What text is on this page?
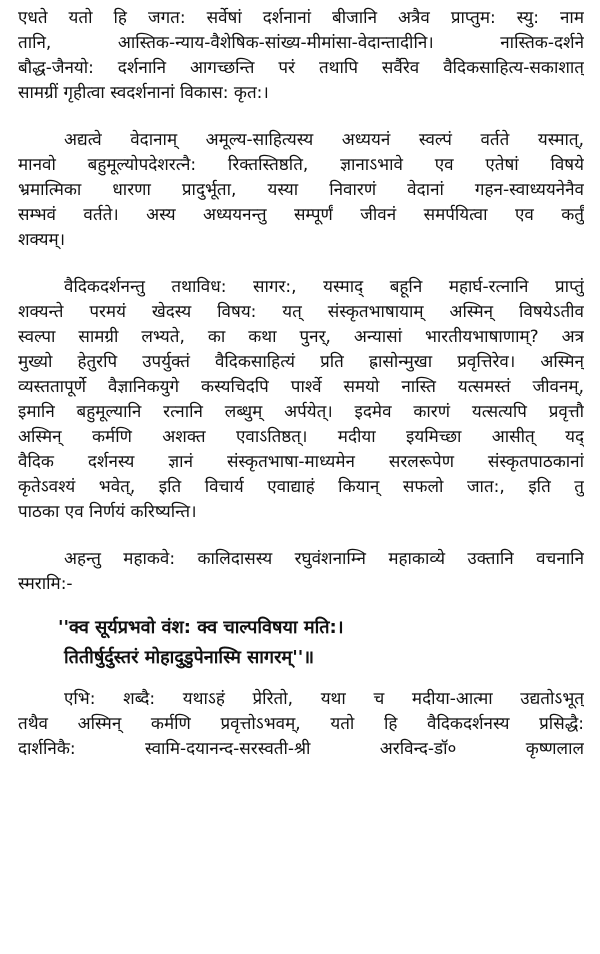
एधते यतो हि जगत: सर्वेषां दर्शनानां बीजानि अत्रैव प्राप्तुम: स्यु: नाम
तानि, आस्तिक-न्याय-वैशेषिक-सांख्य-मीमांसा-वेदान्तादीनि। नास्तिक-दर्शने
बौद्ध-जैनयो: दर्शनानि आगच्छन्ति परं तथापि सर्वैरेव वैदिकसाहित्य-सकाशात्
सामग्रीं गृहीत्वा स्वदर्शनानां विकास: कृत:।
अद्यत्वे वेदानाम् अमूल्य-साहित्यस्य अध्ययनं स्वल्पं वर्तते यस्मात्,
मानवो बहुमूल्योपदेशरत्नै: रिक्तस्तिष्ठति, ज्ञानाऽभावे एव एतेषां विषये
भ्रमात्मिका धारणा प्रादुर्भूता, यस्या निवारणं वेदानां गहन-स्वाध्ययनेनैव
सम्भवं वर्तते। अस्य अध्ययनन्तु सम्पूर्णं जीवनं समर्पयित्वा एव कर्तुं
शक्यम्।
वैदिकदर्शनन्तु तथाविध: सागर:, यस्माद् बहूनि महार्घ-रत्नानि प्राप्तुं
शक्यन्ते परमयं खेदस्य विषय: यत् संस्कृतभाषायाम् अस्मिन् विषयेऽतीव
स्वल्पा सामग्री लभ्यते, का कथा पुनर्, अन्यासां भारतीयभाषाणाम्? अत्र
मुख्यो हेतुरपि उपर्युक्तं वैदिकसाहित्यं प्रति ह्रासोन्मुखा प्रवृत्तिरेव। अस्मिन्
व्यस्ततापूर्णे वैज्ञानिकयुगे कस्यचिदपि पार्श्वे समयो नास्ति यत्समस्तं जीवनम्,
इमानि बहुमूल्यानि रत्नानि लब्धुम् अर्पयेत्। इदमेव कारणं यत्सत्यपि प्रवृत्तौ
अस्मिन् कर्मणि अशक्त एवाऽतिष्ठत्। मदीया इयमिच्छा आसीत् यद्
वैदिक दर्शनस्य ज्ञानं संस्कृतभाषा-माध्यमेन सरलरूपेण संस्कृतपाठकानां
कृतेऽवश्यं भवेत्, इति विचार्य एवाद्याहं कियान् सफलो जात:, इति तु
पाठका एव निर्णयं करिष्यन्ति।
अहन्तु महाकवे: कालिदासस्य रघुवंशनाम्नि महाकाव्ये उक्तानि वचनानि
स्मरामि:-
''क्व सूर्यप्रभवो वंश: क्व चाल्पविषया मति:।
तितीर्षुर्दुस्तरं मोहादुडुपेनास्मि सागरम्''॥
एभि: शब्दै: यथाऽहं प्रेरितो, यथा च मदीया-आत्मा उद्यतोऽभूत्
तथैव अस्मिन् कर्मणि प्रवृत्तोऽभवम्, यतो हि वैदिकदर्शनस्य प्रसिद्धै:
दार्शनिकै: स्वामि-दयानन्द-सरस्वती-श्री अरविन्द-डॉ० कृष्णलाल
